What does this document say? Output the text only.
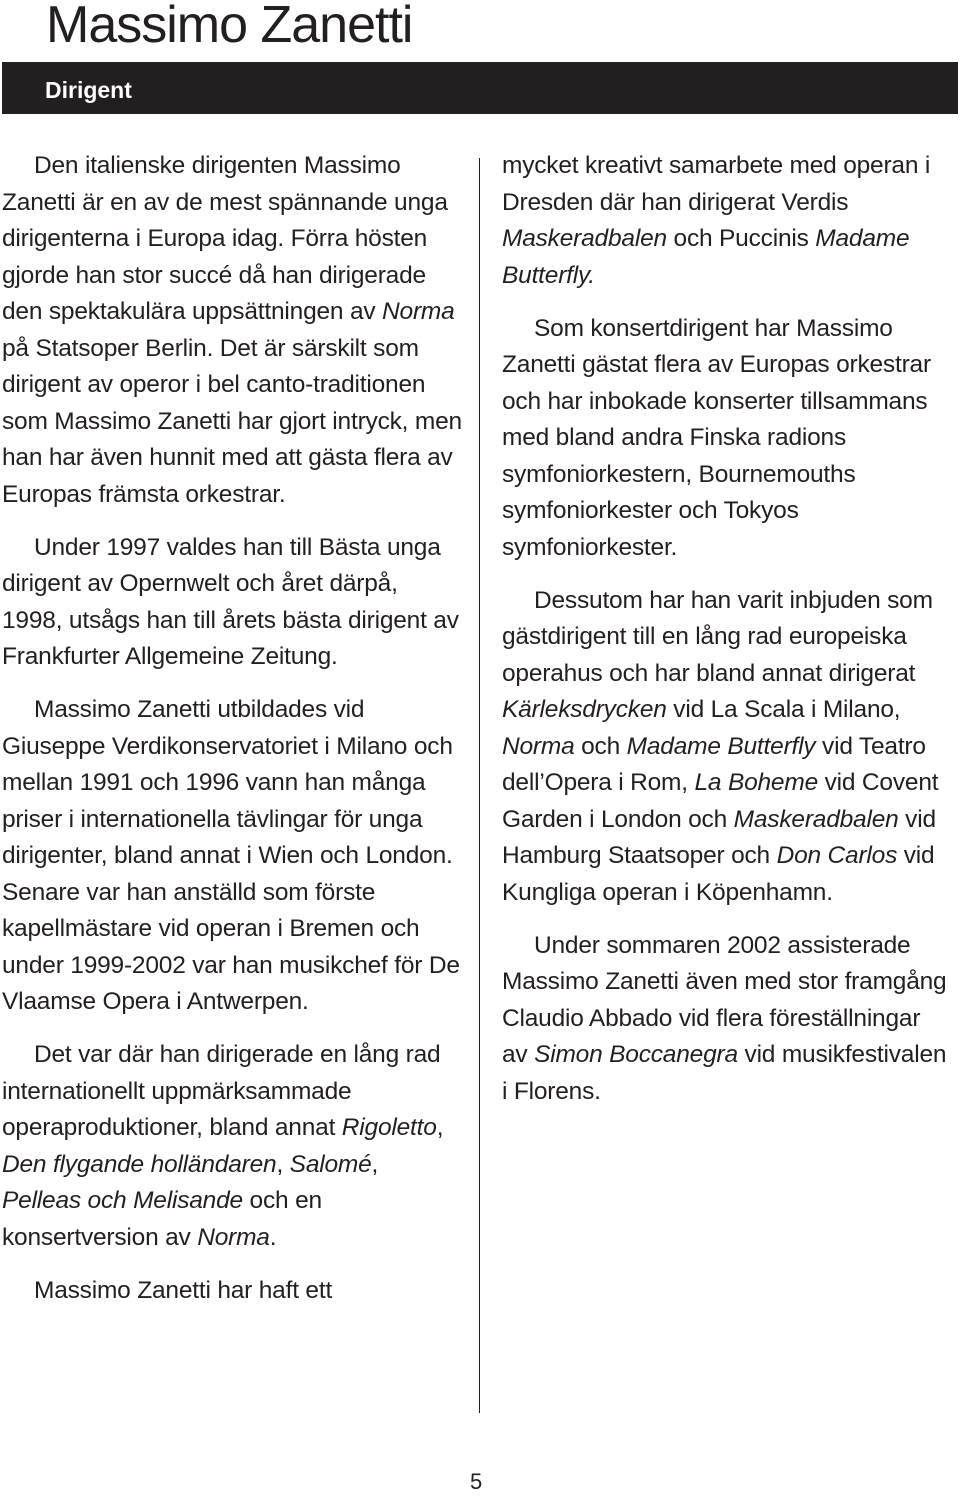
Massimo Zanetti
Dirigent

Den italienske dirigenten Massimo Zanetti är en av de mest spännande unga dirigenterna i Europa idag. Förra hösten gjorde han stor succé då han dirigerade den spektakulära uppsättningen av Norma på Statsoper Berlin. Det är särskilt som dirigent av operor i bel canto-traditionen som Massimo Zanetti har gjort intryck, men han har även hunnit med att gästa flera av Europas främsta orkestrar.

Under 1997 valdes han till Bästa unga dirigent av Opernwelt och året därpå, 1998, utsågs han till årets bästa dirigent av Frankfurter Allgemeine Zeitung.

Massimo Zanetti utbildades vid Giuseppe Verdikonservatoriet i Milano och mellan 1991 och 1996 vann han många priser i internationella tävlingar för unga dirigenter, bland annat i Wien och London. Senare var han anställd som förste kapellmästare vid operan i Bremen och under 1999-2002 var han musikchef för De Vlaamse Opera i Antwerpen.

Det var där han dirigerade en lång rad internationellt uppmärksammade operaproduktioner, bland annat Rigoletto, Den flygande holländaren, Salomé, Pelleas och Melisande och en konsertversion av Norma.

Massimo Zanetti har haft ett

mycket kreativt samarbete med operan i Dresden där han dirigerat Verdis Maskeradbalen och Puccinis Madame Butterfly.

Som konsertdirigent har Massimo Zanetti gästat flera av Europas orkestrar och har inbokade konserter tillsammans med bland andra Finska radions symfoniorkestern, Bournemouths symfoniorkester och Tokyos symfoniorkester.

Dessutom har han varit inbjuden som gästdirigent till en lång rad europeiska operahus och har bland annat dirigerat Kärleksdrycken vid La Scala i Milano, Norma och Madame Butterfly vid Teatro dell’Opera i Rom, La Boheme vid Covent Garden i London och Maskeradbalen vid Hamburg Staatsoper och Don Carlos vid Kungliga operan i Köpenhamn.

Under sommaren 2002 assisterade Massimo Zanetti även med stor framgång Claudio Abbado vid flera föreställningar av Simon Boccanegra vid musikfestivalen i Florens.

5
